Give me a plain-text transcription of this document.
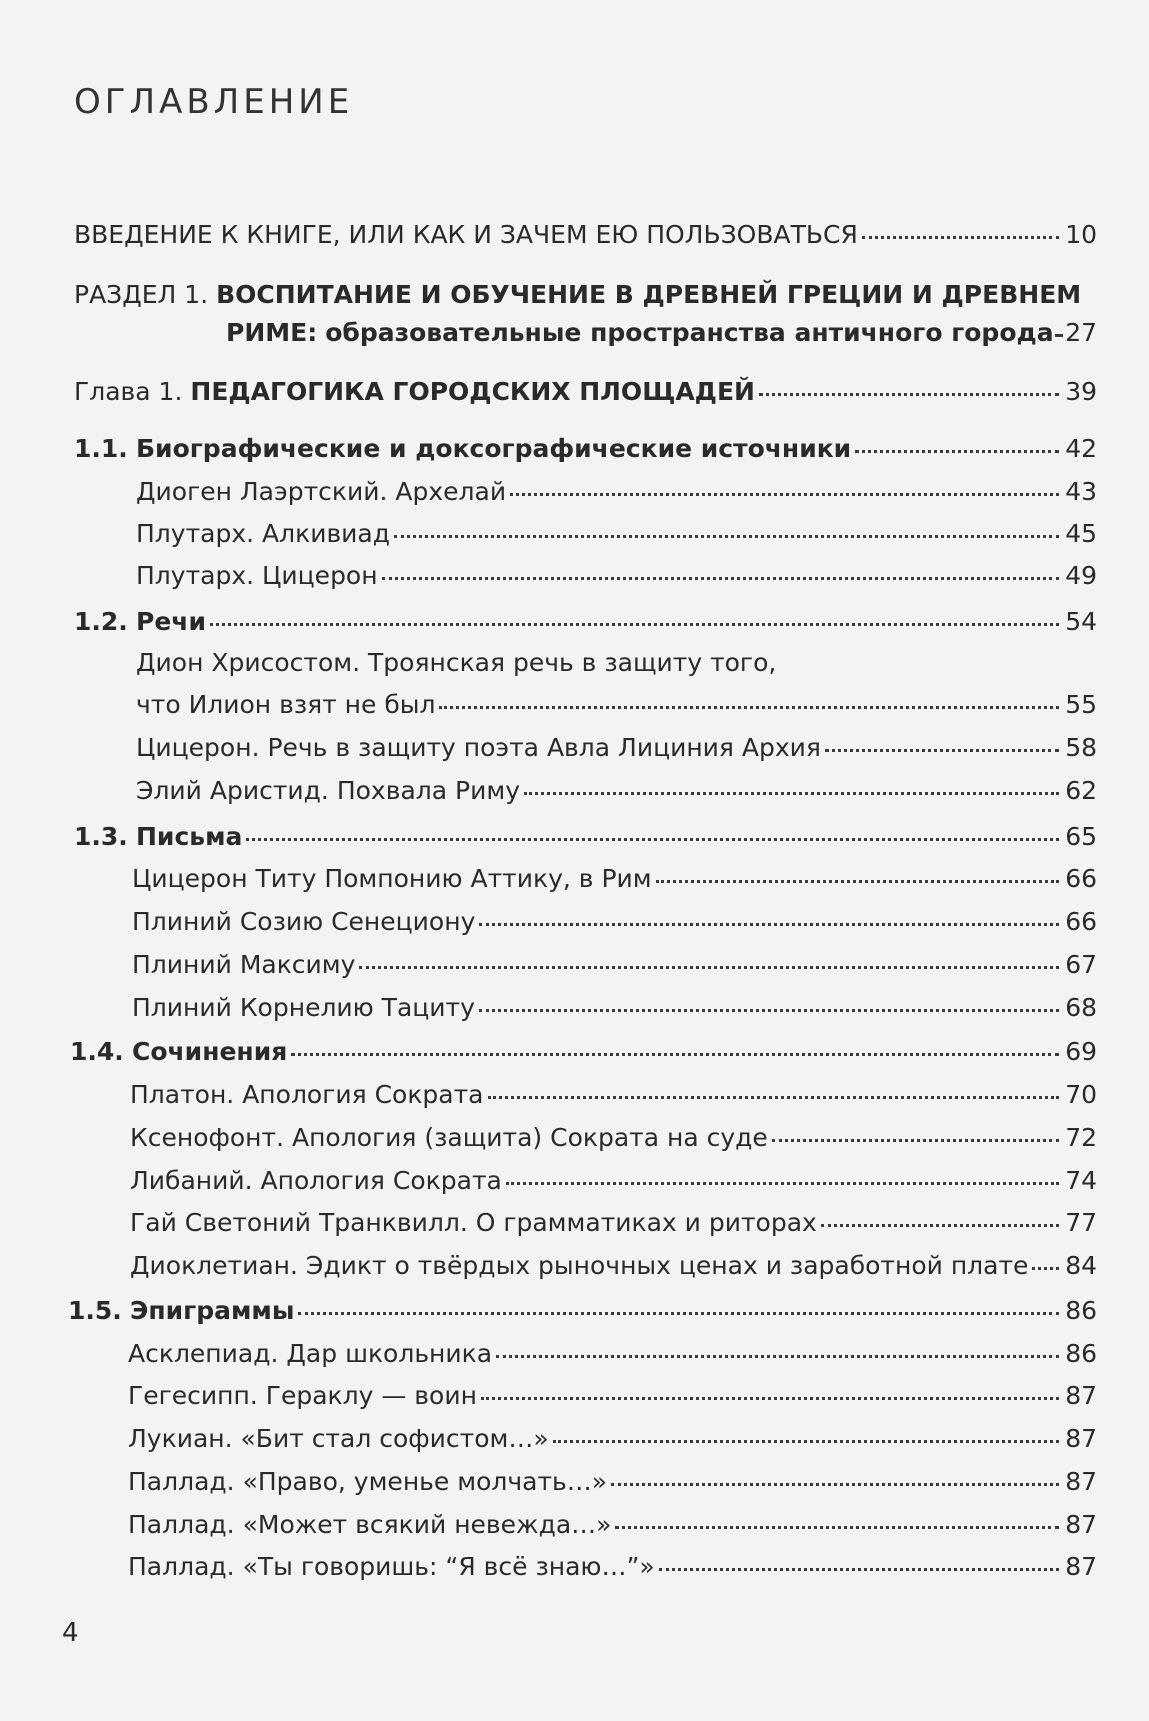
ОГЛАВЛЕНИЕ
ВВЕДЕНИЕ К КНИГЕ, ИЛИ КАК И ЗАЧЕМ ЕЮ ПОЛЬЗОВАТЬСЯ	10
РАЗДЕЛ 1. ВОСПИТАНИЕ И ОБУЧЕНИЕ В ДРЕВНЕЙ ГРЕЦИИ И ДРЕВНЕМ
РИМЕ: образовательные пространства античного города 27
Глава 1. ПЕДАГОГИКА ГОРОДСКИХ ПЛОЩАДЕЙ	39
1.1. Биографические и доксографические источники	42
Диоген Лаэртский. Архелай	43
Плутарх. Алкивиад	45
Плутарх. Цицерон	49
1.2. Речи	54
Дион Хрисостом. Троянская речь в защиту того,
что Илион взят не был	55
Цицерон. Речь в защиту поэта Авла Лициния Архия	58
Элий Аристид. Похвала Риму	62
1.3. Письма	65
Цицерон Титу Помпонию Аттику, в Рим	66
Плиний Созию Сенециону	66
Плиний Максиму	67
Плиний Корнелию Тациту	68
1.4. Сочинения	69
Платон. Апология Сократа	70
Ксенофонт. Апология (защита) Сократа на суде	72
Либаний. Апология Сократа	74
Гай Светоний Транквилл. О грамматиках и риторах	77
Диоклетиан. Эдикт о твёрдых рыночных ценах и заработной плате 84
1.5. Эпиграммы	86
Асклепиад. Дар школьника	86
Гегесипп. Гераклу — воин	87
Лукиан. «Бит стал софистом…»	87
Паллад. «Право, уменье молчать…»	87
Паллад. «Может всякий невежда…»	87
Паллад. «Ты говоришь: “Я всё знаю…”»	87
4
